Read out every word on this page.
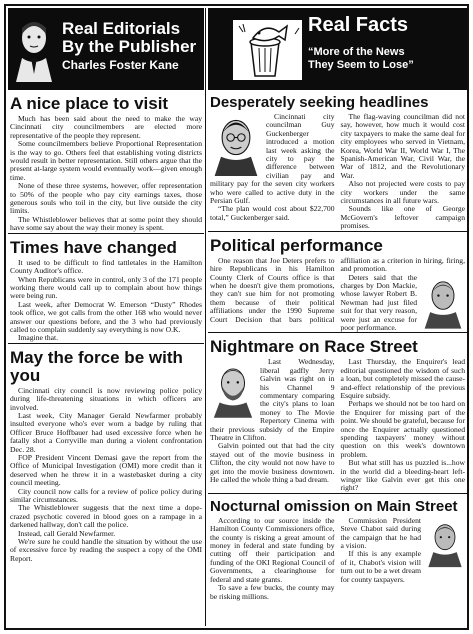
Real Editorials
By the Publisher
Charles Foster Kane
A nice place to visit

Much has been said about the need to make the way Cincinnati city councilmembers are elected more representative of the people they represent.

Some councilmembers believe Proportional Representation is the way to go. Others feel that establishing voting districts would result in better representation. Still others argue that the present at-large system would eventually work—given enough time.

None of these three systems, however, offer representation to 50% of the people who pay city earnings taxes, those generous souls who toil in the city, but live outside the city limits.

The Whistleblower believes that at some point they should have some say about the way their money is spent.

Times have changed

It used to be difficult to find tattletales in the Hamilton County Auditor's office.

When Republicans were in control, only 3 of the 171 people working there would call up to complain about how things were being run.

Last week, after Democrat W. Emerson “Dusty” Rhodes took office, we got calls from the other 168 who would never answer our questions before, and the 3 who had previously called to complain suddenly say everything is now O.K.

Imagine that.

May the force be with you

Cincinnati city council is now reviewing police policy during life-threatening situations in which officers are involved.

Last week, City Manager Gerald Newfarmer probably insulted everyone who's ever worn a badge by ruling that Officer Bruce Hoffbauer had used excessive force when he fatally shot a Corryville man during a violent confrontation Dec. 28.

FOP President Vincent Demasi gave the report from the Office of Municipal Investigation (OMI) more credit than it deserved when he threw it in a wastebasket during a city council meeting.

City council now calls for a review of police policy during similar circumstances.

The Whistleblower suggests that the next time a dope-crazed psychotic covered in blood goes on a rampage in a darkened hallway, don't call the police.

Instead, call Gerald Newfarmer.

We're sure he could handle the situation by without the use of excessive force by reading the suspect a copy of the OMI Report.

Real Facts
“More of the News
They Seem to Lose”
Desperately seeking headlines

Cincinnati city councilman Guy Guckenberger introduced a motion last week asking the city to pay the difference between civilian pay and military pay for the seven city workers who were called to active duty in the Persian Gulf.

“The plan would cost about $22,700 total,” Guckenberger said.

The flag-waving councilman did not say, however, how much it would cost city taxpayers to make the same deal for city employees who served in Vietnam, Korea, World War II, World War I, The Spanish-American War, Civil War, the War of 1812, and the Revolutionary War.

Also not projected were costs to pay city workers under the same circumstances in all future wars.

Sounds like one of George McGovern's leftover campaign promises.

Political performance

One reason that Joe Deters prefers to hire Republicans in his Hamilton County Clerk of Courts office is that when he doesn't give them promotions, they can't sue him for not promoting them because of their political affiliations under the 1990 Supreme Court Decision that bars political affiliation as a criterion in hiring, firing, and promotion.

Deters said that the charges by Don Mackie, whose lawyer Robert B. Newman had just filed suit for that very reason, were just an excuse for poor performance.

Nightmare on Race Street

Last Wednesday, liberal gadfly Jerry Galvin was right on in his Channel 9 commentary comparing the city's plans to loan money to The Movie Repertory Cinema with their previous subsidy of the Empire Theatre in Clifton.

Galvin pointed out that had the city stayed out of the movie business in Clifton, the city would not now have to get into the movie business downtown. He called the whole thing a bad dream.

Last Thursday, the Enquirer's lead editorial questioned the wisdom of such a loan, but completely missed the cause-and-effect relationship of the previous Esquire subsidy.

Perhaps we should not be too hard on the Enquirer for missing part of the point. We should be grateful, because for once the Enquirer actually questioned spending taxpayers' money without question on this week's downtown problem.

But what still has us puzzled is...how in the world did a bleeding-heart left-winger like Galvin ever get this one right?

Nocturnal omission on Main Street

According to our source inside the Hamilton County Commissioners office, the county is risking a great amount of money in federal and state funding by cutting off their participation and funding of the OKI Regional Council of Governments, a clearinghouse for federal and state grants.

To save a few bucks, the county may be risking millions.

Commission President Steve Chabot said during the campaign that he had a vision.

If this is any example of it, Chabot's vision will turn out to be a wet dream for county taxpayers.
